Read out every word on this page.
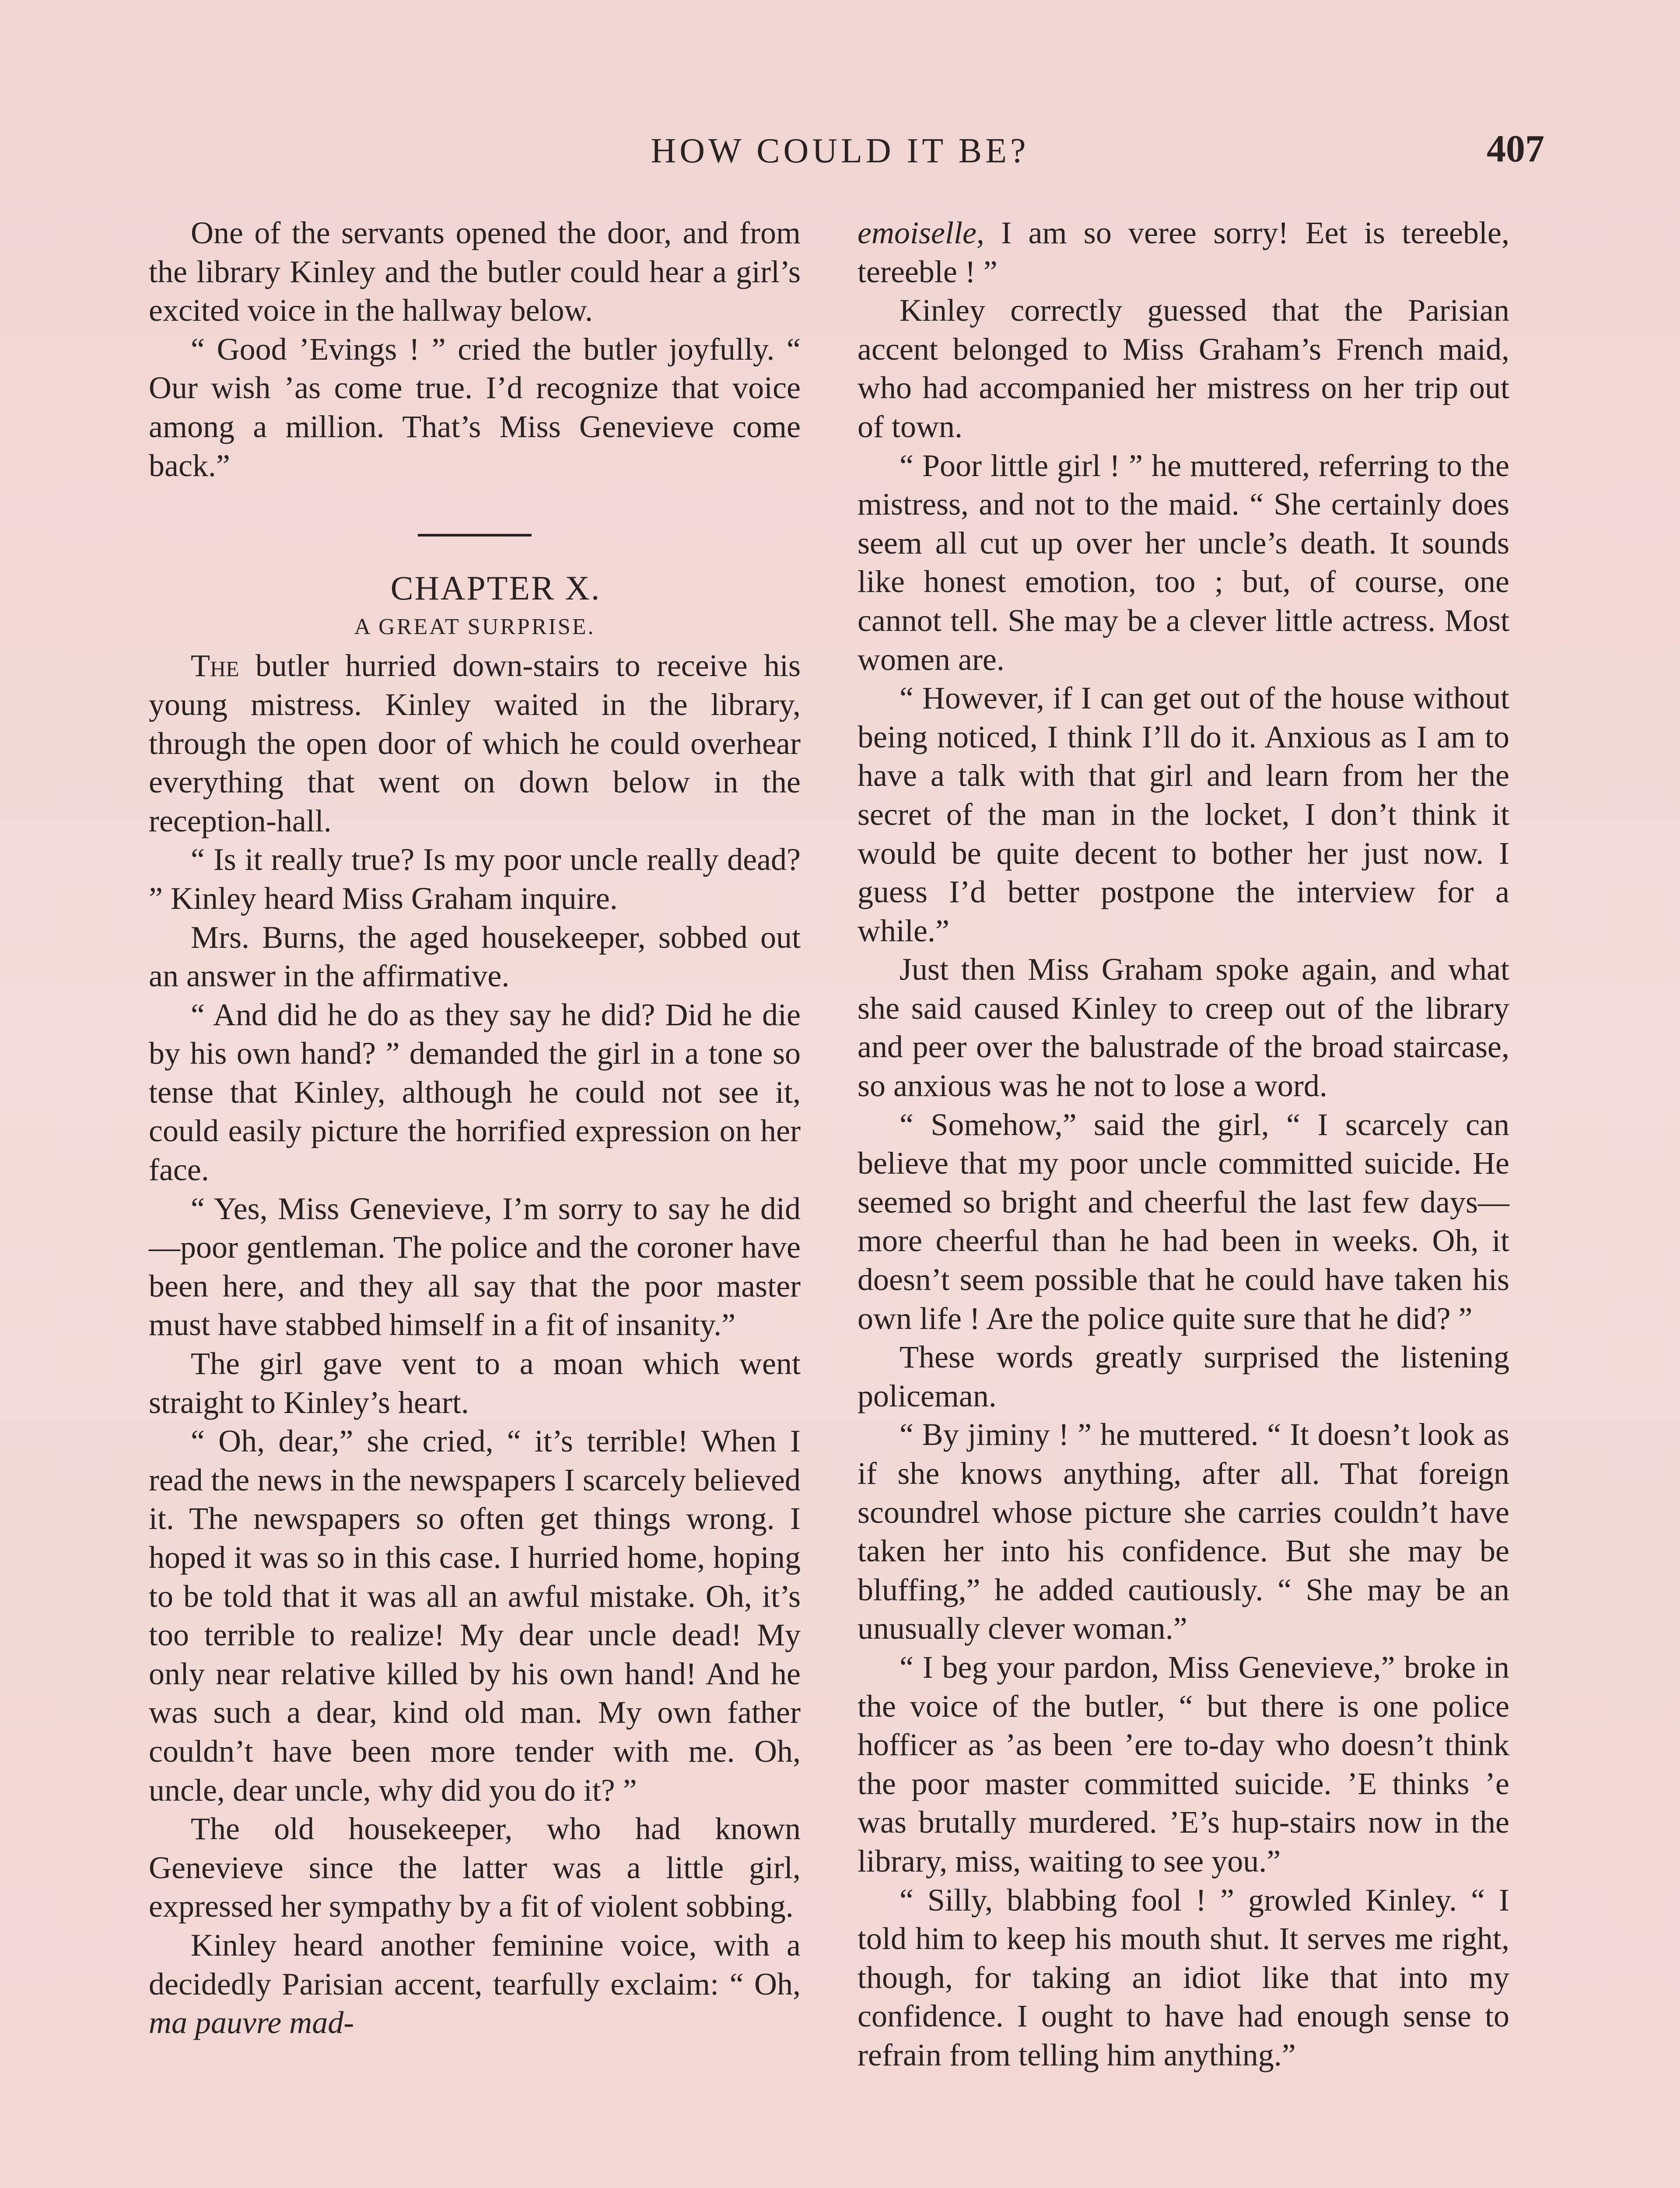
HOW COULD IT BE?	407

One of the servants opened the door, and from the library Kinley and the butler could hear a girl’s excited voice in the hallway below.

“ Good ’Evings ! ” cried the butler joyfully. “ Our wish ’as come true. I’d recognize that voice among a million. That’s Miss Genevieve come back.”

CHAPTER X.

A GREAT SURPRISE.

The butler hurried down-stairs to receive his young mistress. Kinley waited in the library, through the open door of which he could overhear everything that went on down below in the reception-hall.

“ Is it really true? Is my poor uncle really dead? ” Kinley heard Miss Graham inquire.

Mrs. Burns, the aged housekeeper, sobbed out an answer in the affirmative.

“ And did he do as they say he did? Did he die by his own hand? ” demanded the girl in a tone so tense that Kinley, although he could not see it, could easily picture the horrified expression on her face.

“ Yes, Miss Genevieve, I’m sorry to say he did—poor gentleman. The police and the coroner have been here, and they all say that the poor master must have stabbed himself in a fit of insanity.”

The girl gave vent to a moan which went straight to Kinley’s heart.

“ Oh, dear,” she cried, “ it’s terrible! When I read the news in the newspapers I scarcely believed it. The newspapers so often get things wrong. I hoped it was so in this case. I hurried home, hoping to be told that it was all an awful mistake. Oh, it’s too terrible to realize! My dear uncle dead! My only near relative killed by his own hand! And he was such a dear, kind old man. My own father couldn’t have been more tender with me. Oh, uncle, dear uncle, why did you do it? ”

The old housekeeper, who had known Genevieve since the latter was a little girl, expressed her sympathy by a fit of violent sobbing.

Kinley heard another feminine voice, with a decidedly Parisian accent, tearfully exclaim: “ Oh, ma pauvre mad-

emoiselle, I am so veree sorry! Eet is tereeble, tereeble ! ”

Kinley correctly guessed that the Parisian accent belonged to Miss Graham’s French maid, who had accompanied her mistress on her trip out of town.

“ Poor little girl ! ” he muttered, referring to the mistress, and not to the maid. “ She certainly does seem all cut up over her uncle’s death. It sounds like honest emotion, too ; but, of course, one cannot tell. She may be a clever little actress. Most women are.

“ However, if I can get out of the house without being noticed, I think I’ll do it. Anxious as I am to have a talk with that girl and learn from her the secret of the man in the locket, I don’t think it would be quite decent to bother her just now. I guess I’d better postpone the interview for a while.”

Just then Miss Graham spoke again, and what she said caused Kinley to creep out of the library and peer over the balustrade of the broad staircase, so anxious was he not to lose a word.

“ Somehow,” said the girl, “ I scarcely can believe that my poor uncle committed suicide. He seemed so bright and cheerful the last few days—more cheerful than he had been in weeks. Oh, it doesn’t seem possible that he could have taken his own life ! Are the police quite sure that he did? ”

These words greatly surprised the listening policeman.

“ By jiminy ! ” he muttered. “ It doesn’t look as if she knows anything, after all. That foreign scoundrel whose picture she carries couldn’t have taken her into his confidence. But she may be bluffing,” he added cautiously. “ She may be an unusually clever woman.”

“ I beg your pardon, Miss Genevieve,” broke in the voice of the butler, “ but there is one police hofficer as ’as been ’ere to-day who doesn’t think the poor master committed suicide. ’E thinks ’e was brutally murdered. ’E’s hup-stairs now in the library, miss, waiting to see you.”

“ Silly, blabbing fool ! ” growled Kinley. “ I told him to keep his mouth shut. It serves me right, though, for taking an idiot like that into my confidence. I ought to have had enough sense to refrain from telling him anything.”
